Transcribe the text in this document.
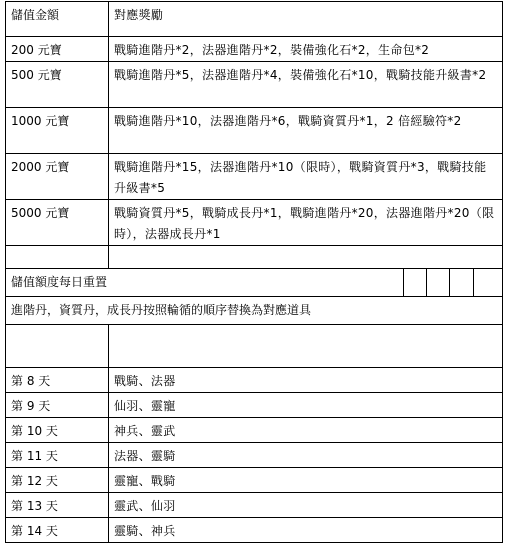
儲值金額	對應獎勵				
200 元寶	戰騎進階丹*2，法器進階丹*2，裝備強化石*2，生命包*2				
500 元寶	戰騎進階丹*5，法器進階丹*4，裝備強化石*10，戰騎技能升級書*2				
1000 元寶	戰騎進階丹*10，法器進階丹*6，戰騎資質丹*1，2 倍經驗符*2				
2000 元寶	戰騎進階丹*15，法器進階丹*10（限時），戰騎資質丹*3，戰騎技能升級書*5				
5000 元寶	戰騎資質丹*5，戰騎成長丹*1，戰騎進階丹*20，法器進階丹*20（限時），法器成長丹*1				

儲值額度每日重置					
進階丹，資質丹，成長丹按照輪循的順序替換為對應道具					

第 8 天	戰騎、法器				
第 9 天	仙羽、靈寵				
第 10 天	神兵、靈武				
第 11 天	法器、靈騎				
第 12 天	靈寵、戰騎				
第 13 天	靈武、仙羽				
第 14 天	靈騎、神兵				
